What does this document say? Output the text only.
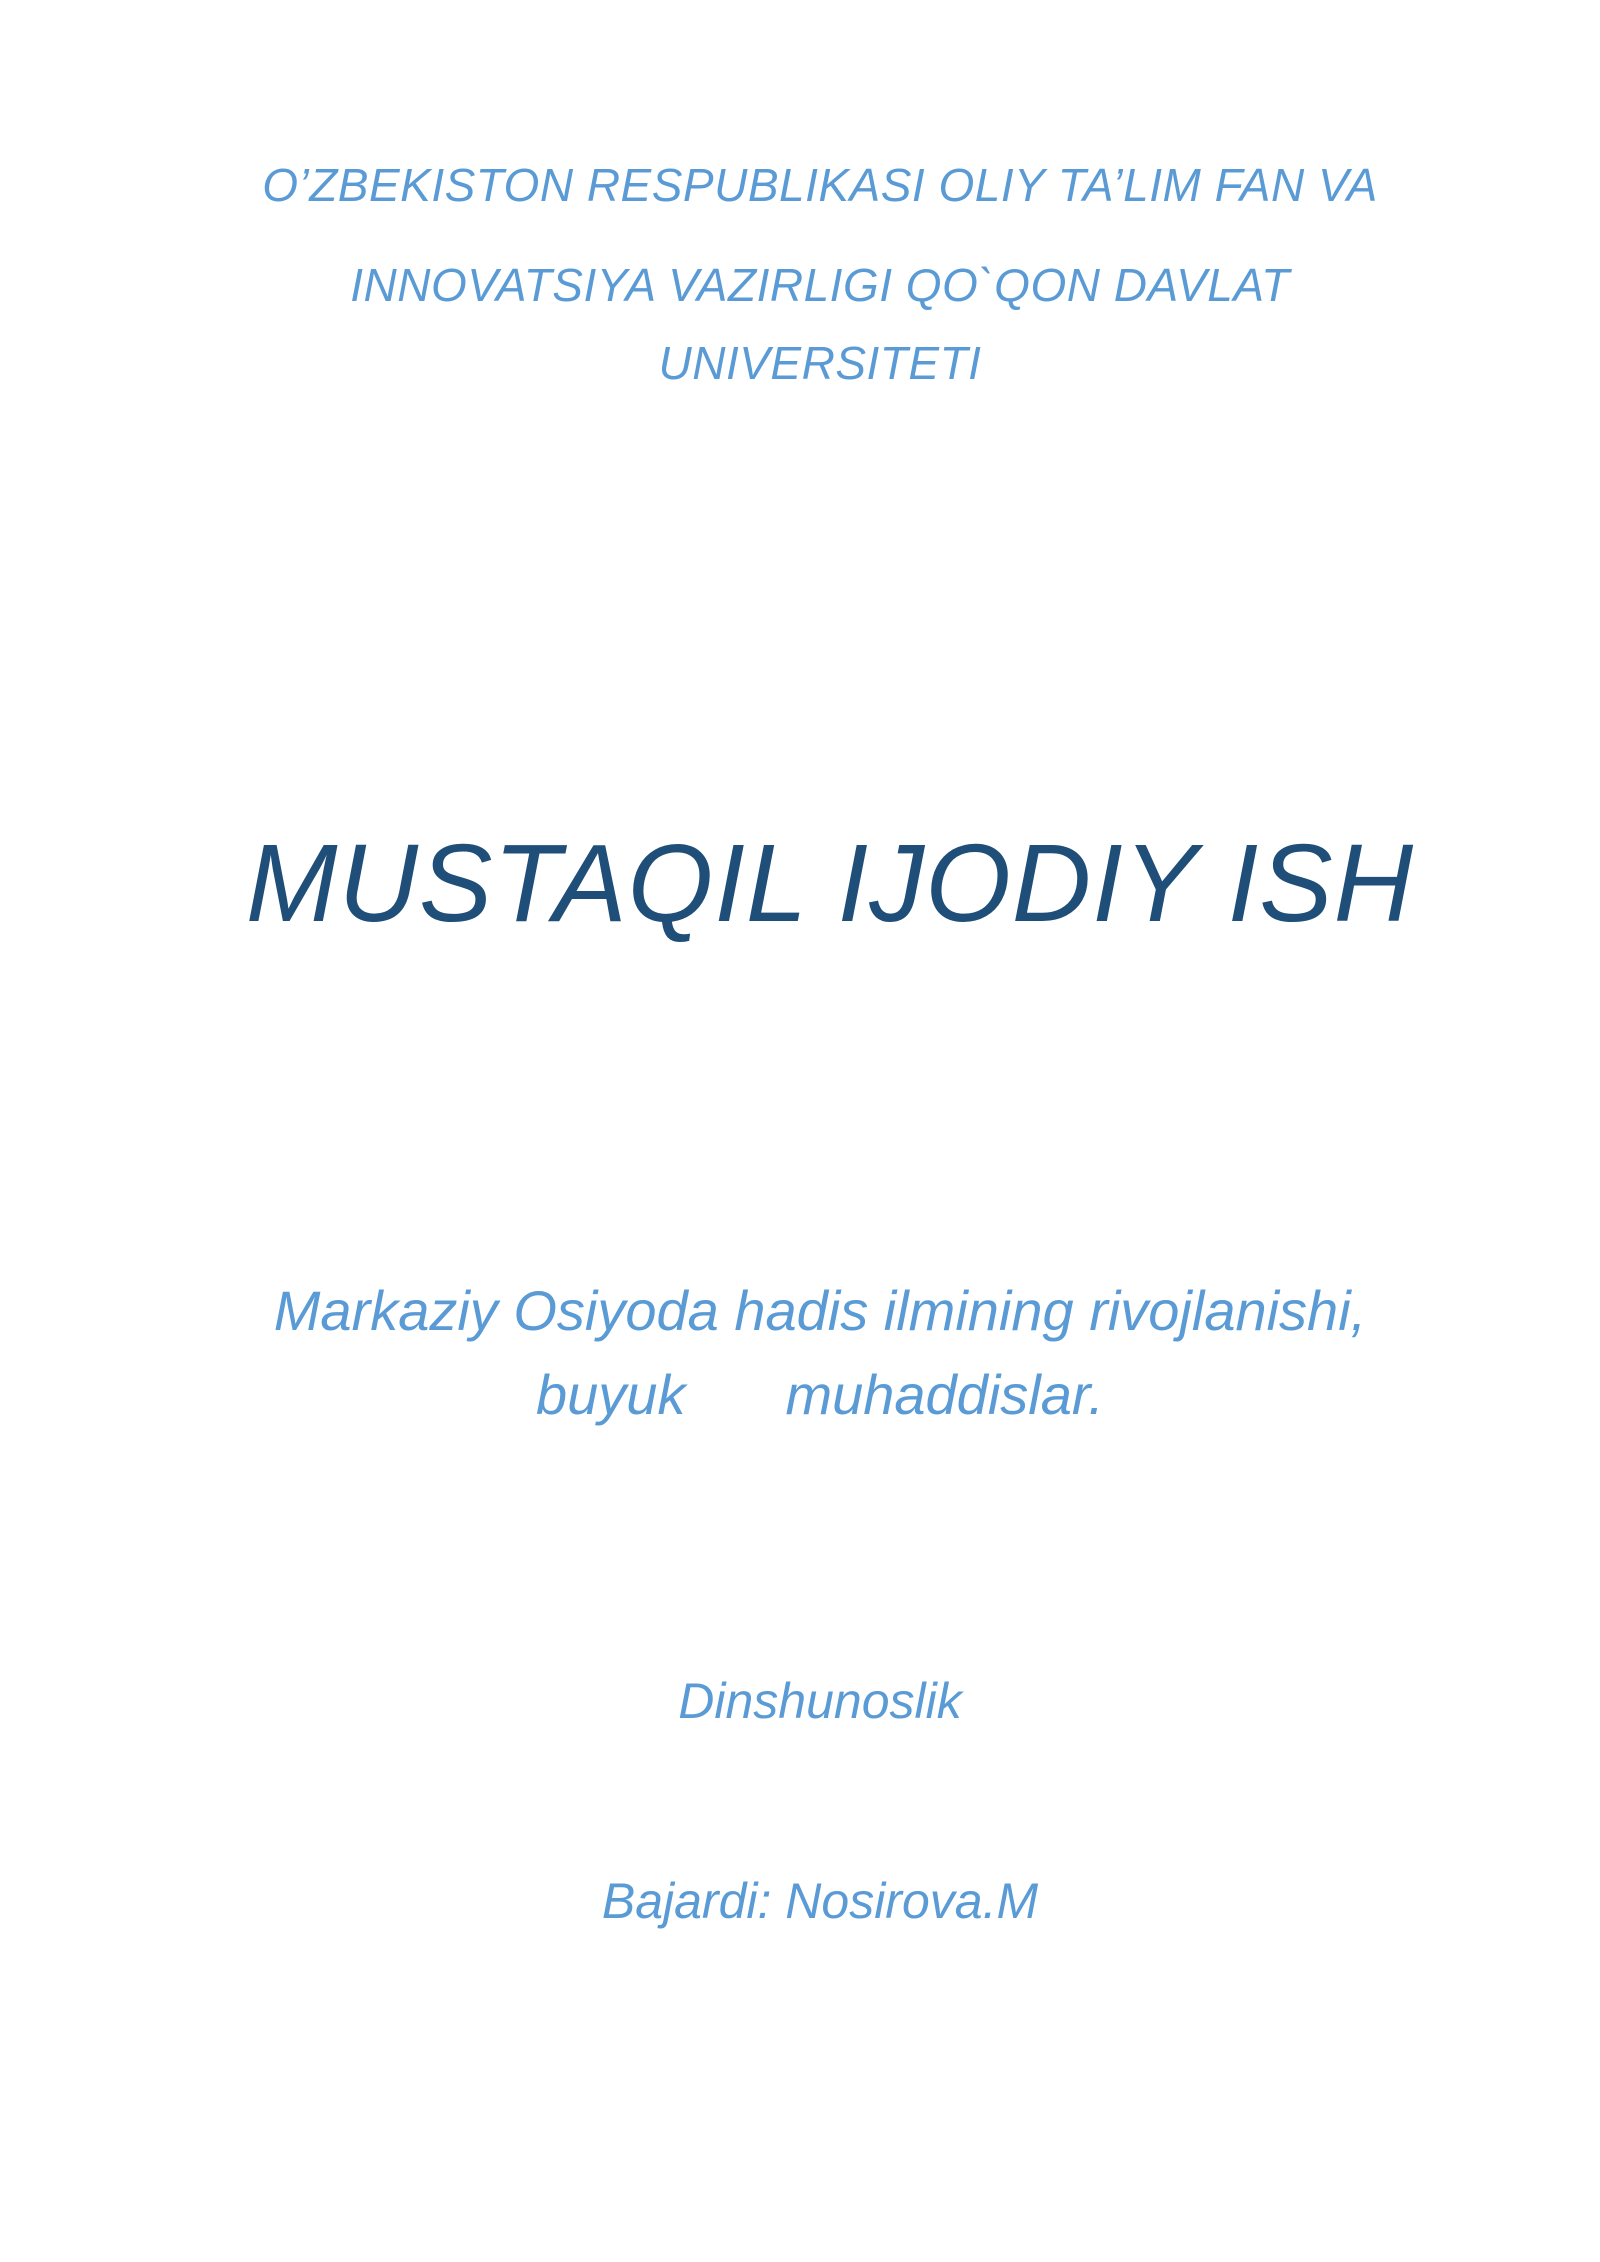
O’ZBEKISTON RESPUBLIKASI OLIY TA’LIM FAN VA
INNOVATSIYA VAZIRLIGI QO`QON DAVLAT
UNIVERSITETI
MUSTAQIL IJODIY ISH
Markaziy Osiyoda hadis ilmining rivojlanishi,
buyuk muhaddislar.
Dinshunoslik
Bajardi: Nosirova.M
